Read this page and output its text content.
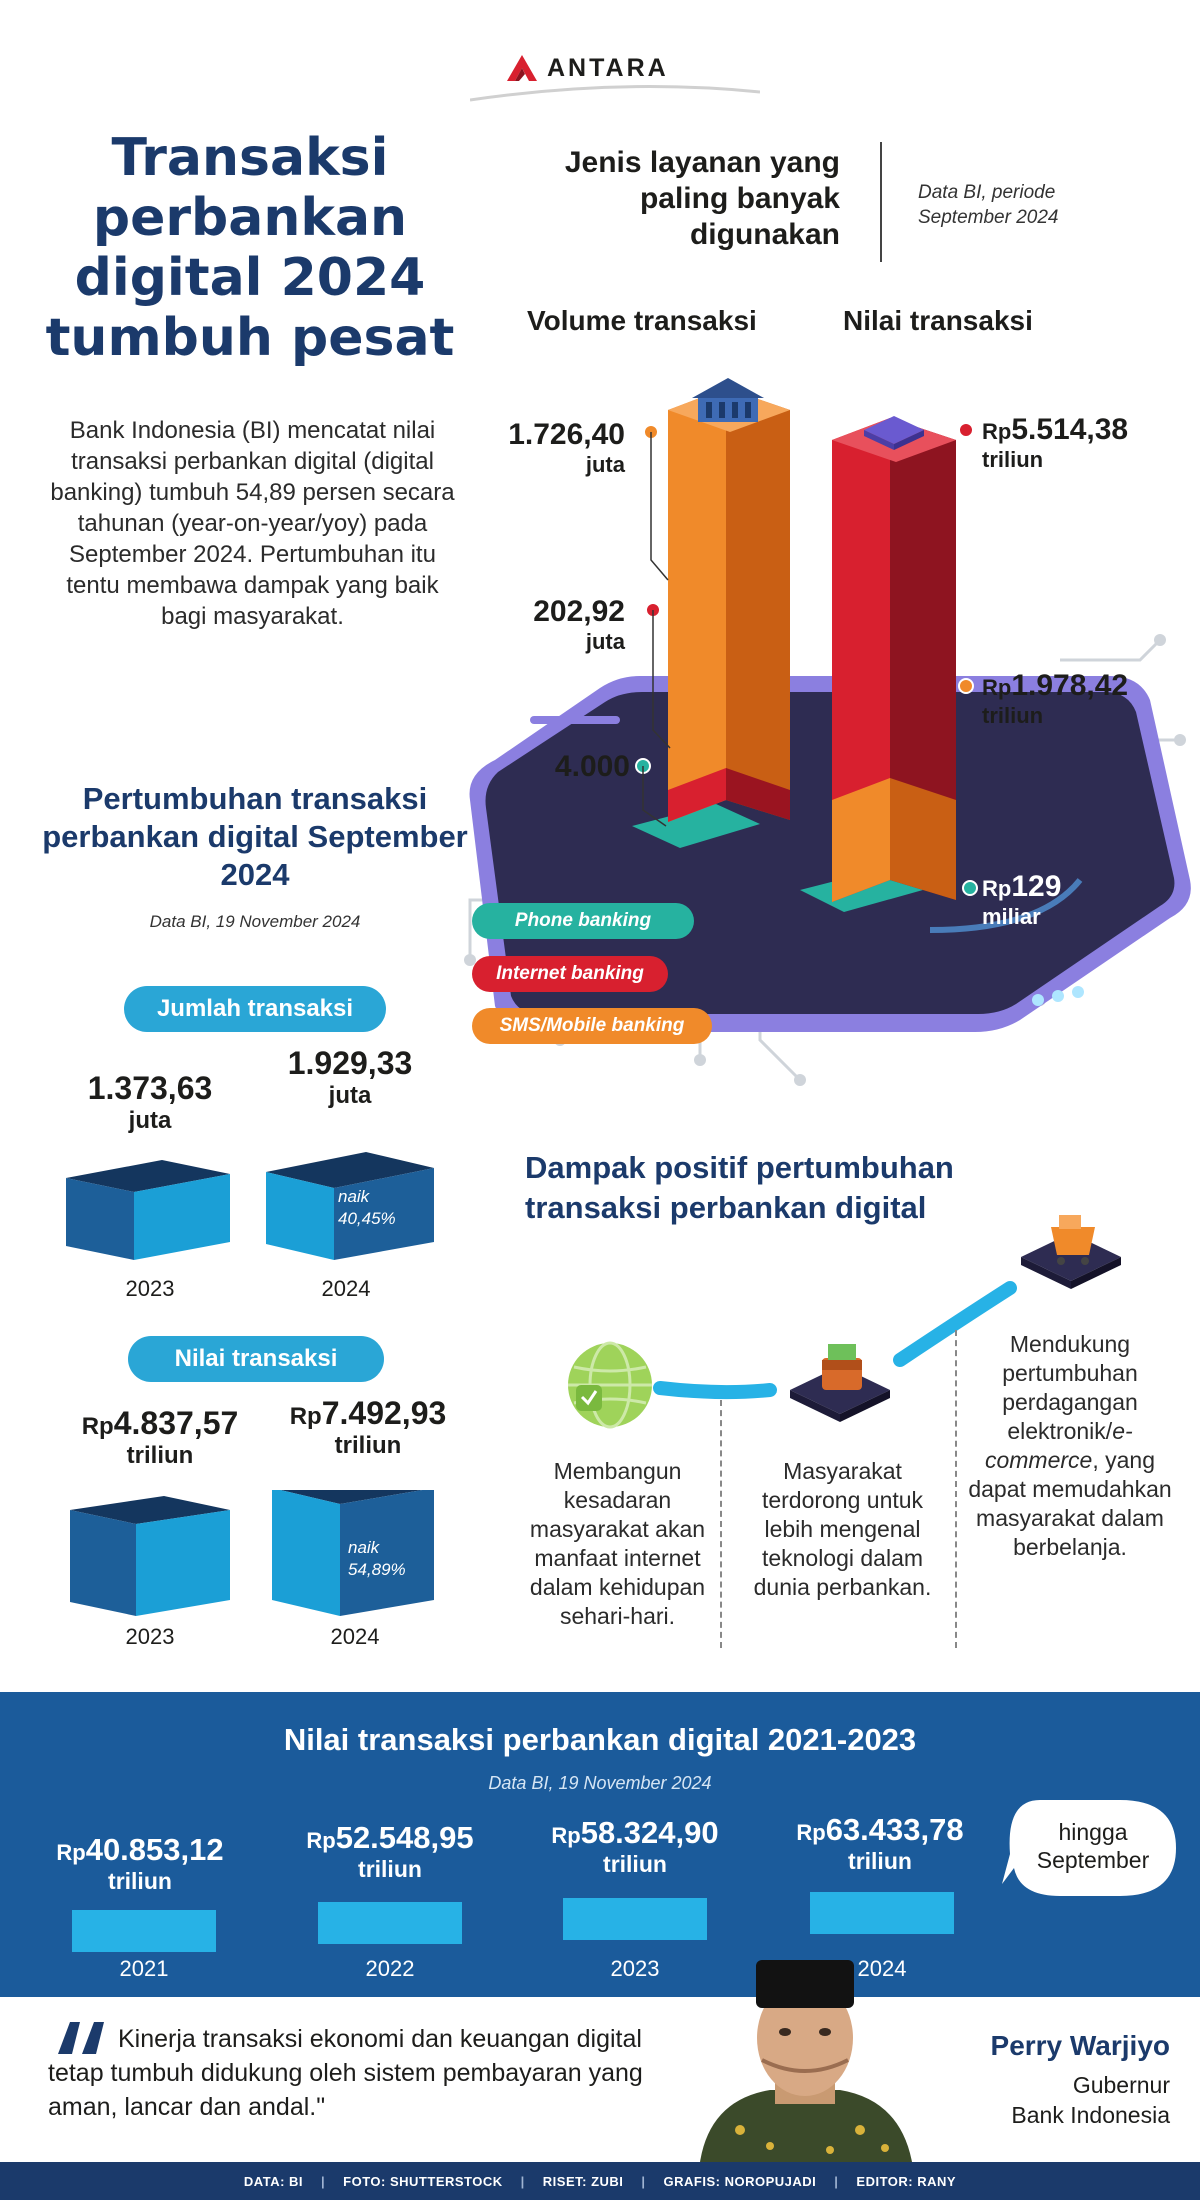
ANTARA
Transaksi perbankan digital 2024 tumbuh pesat
Bank Indonesia (BI) mencatat nilai transaksi perbankan digital (digital banking) tumbuh 54,89 persen secara tahunan (year-on-year/yoy) pada September 2024. Pertumbuhan itu tentu membawa dampak yang baik bagi masyarakat.
Jenis layanan yang paling banyak digunakan
Data BI, periode September 2024
Volume transaksi	Nilai transaksi
1.726,40
juta
202,92
juta
4.000
Rp5.514,38
triliun
Rp1.978,42
triliun
Rp129
miliar
Phone banking
Internet banking
SMS/Mobile banking
Pertumbuhan transaksi perbankan digital September 2024
Data BI, 19 November 2024
Jumlah transaksi
1.373,63
juta
1.929,33
juta
naik
40,45%
2023	2024
Nilai transaksi
Rp4.837,57
triliun
Rp7.492,93
triliun
naik
54,89%
2023	2024
Dampak positif pertumbuhan transaksi perbankan digital
Membangun kesadaran masyarakat akan manfaat internet dalam kehidupan sehari-hari.
Masyarakat terdorong untuk lebih mengenal teknologi dalam dunia perbankan.
Mendukung pertumbuhan perdagangan elektronik/e-commerce, yang dapat memudahkan masyarakat dalam berbelanja.
Nilai transaksi perbankan digital 2021-2023
Data BI, 19 November 2024
Rp40.853,12
triliun
2021
Rp52.548,95
triliun
2022
Rp58.324,90
triliun
2023
Rp63.433,78
triliun
2024
hingga September
Kinerja transaksi ekonomi dan keuangan digital tetap tumbuh didukung oleh sistem pembayaran yang aman, lancar dan andal."
Perry Warjiyo
Gubernur
Bank Indonesia
DATA: BI | FOTO: SHUTTERSTOCK | RISET: ZUBI | GRAFIS: NOROPUJADI | EDITOR: RANY
